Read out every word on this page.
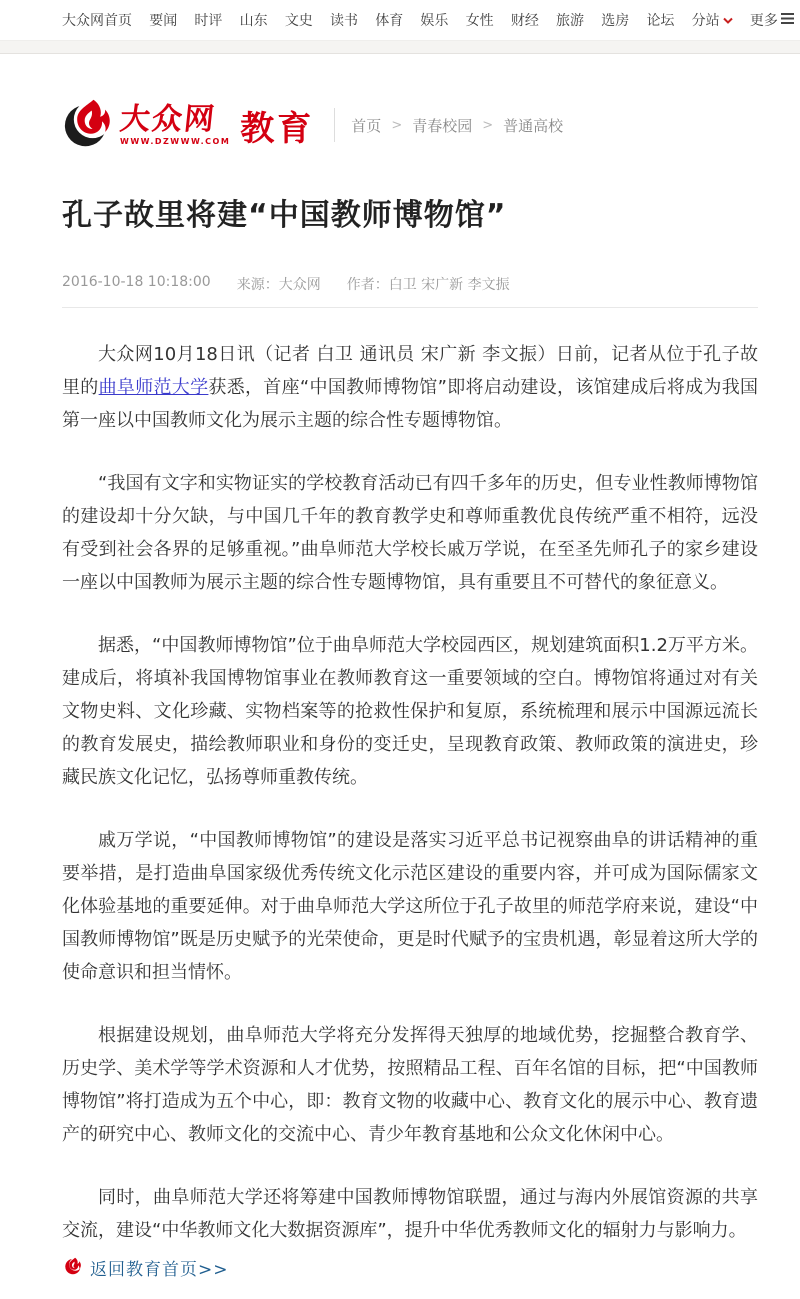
大众网首页 要闻 时评 山东 文史 读书 体育 娱乐 女性 财经 旅游 选房 论坛 分站 更多
大众网
WWW.DZWWW.COM 教育 首页 > 青春校园 > 普通高校
孔子故里将建“中国教师博物馆”
2016-10-18 10:18:00 来源：大众网 作者：白卫 宋广新 李文振

大众网10月18日讯（记者 白卫 通讯员 宋广新 李文振）日前，记者从位于孔子故里的曲阜师范大学获悉，首座“中国教师博物馆”即将启动建设，该馆建成后将成为我国第一座以中国教师文化为展示主题的综合性专题博物馆。

“我国有文字和实物证实的学校教育活动已有四千多年的历史，但专业性教师博物馆的建设却十分欠缺，与中国几千年的教育教学史和尊师重教优良传统严重不相符，远没有受到社会各界的足够重视。”曲阜师范大学校长戚万学说，在至圣先师孔子的家乡建设一座以中国教师为展示主题的综合性专题博物馆，具有重要且不可替代的象征意义。

据悉，“中国教师博物馆”位于曲阜师范大学校园西区，规划建筑面积1.2万平方米。建成后，将填补我国博物馆事业在教师教育这一重要领域的空白。博物馆将通过对有关文物史料、文化珍藏、实物档案等的抢救性保护和复原，系统梳理和展示中国源远流长的教育发展史，描绘教师职业和身份的变迁史，呈现教育政策、教师政策的演进史，珍藏民族文化记忆，弘扬尊师重教传统。

戚万学说，“中国教师博物馆”的建设是落实习近平总书记视察曲阜的讲话精神的重要举措，是打造曲阜国家级优秀传统文化示范区建设的重要内容，并可成为国际儒家文化体验基地的重要延伸。对于曲阜师范大学这所位于孔子故里的师范学府来说，建设“中国教师博物馆”既是历史赋予的光荣使命，更是时代赋予的宝贵机遇，彰显着这所大学的使命意识和担当情怀。

根据建设规划，曲阜师范大学将充分发挥得天独厚的地域优势，挖掘整合教育学、历史学、美术学等学术资源和人才优势，按照精品工程、百年名馆的目标，把“中国教师博物馆”将打造成为五个中心，即：教育文物的收藏中心、教育文化的展示中心、教育遗产的研究中心、教师文化的交流中心、青少年教育基地和公众文化休闲中心。

同时，曲阜师范大学还将筹建中国教师博物馆联盟，通过与海内外展馆资源的共享交流，建设“中华教师文化大数据资源库”，提升中华优秀教师文化的辐射力与影响力。

返回教育首页>>
